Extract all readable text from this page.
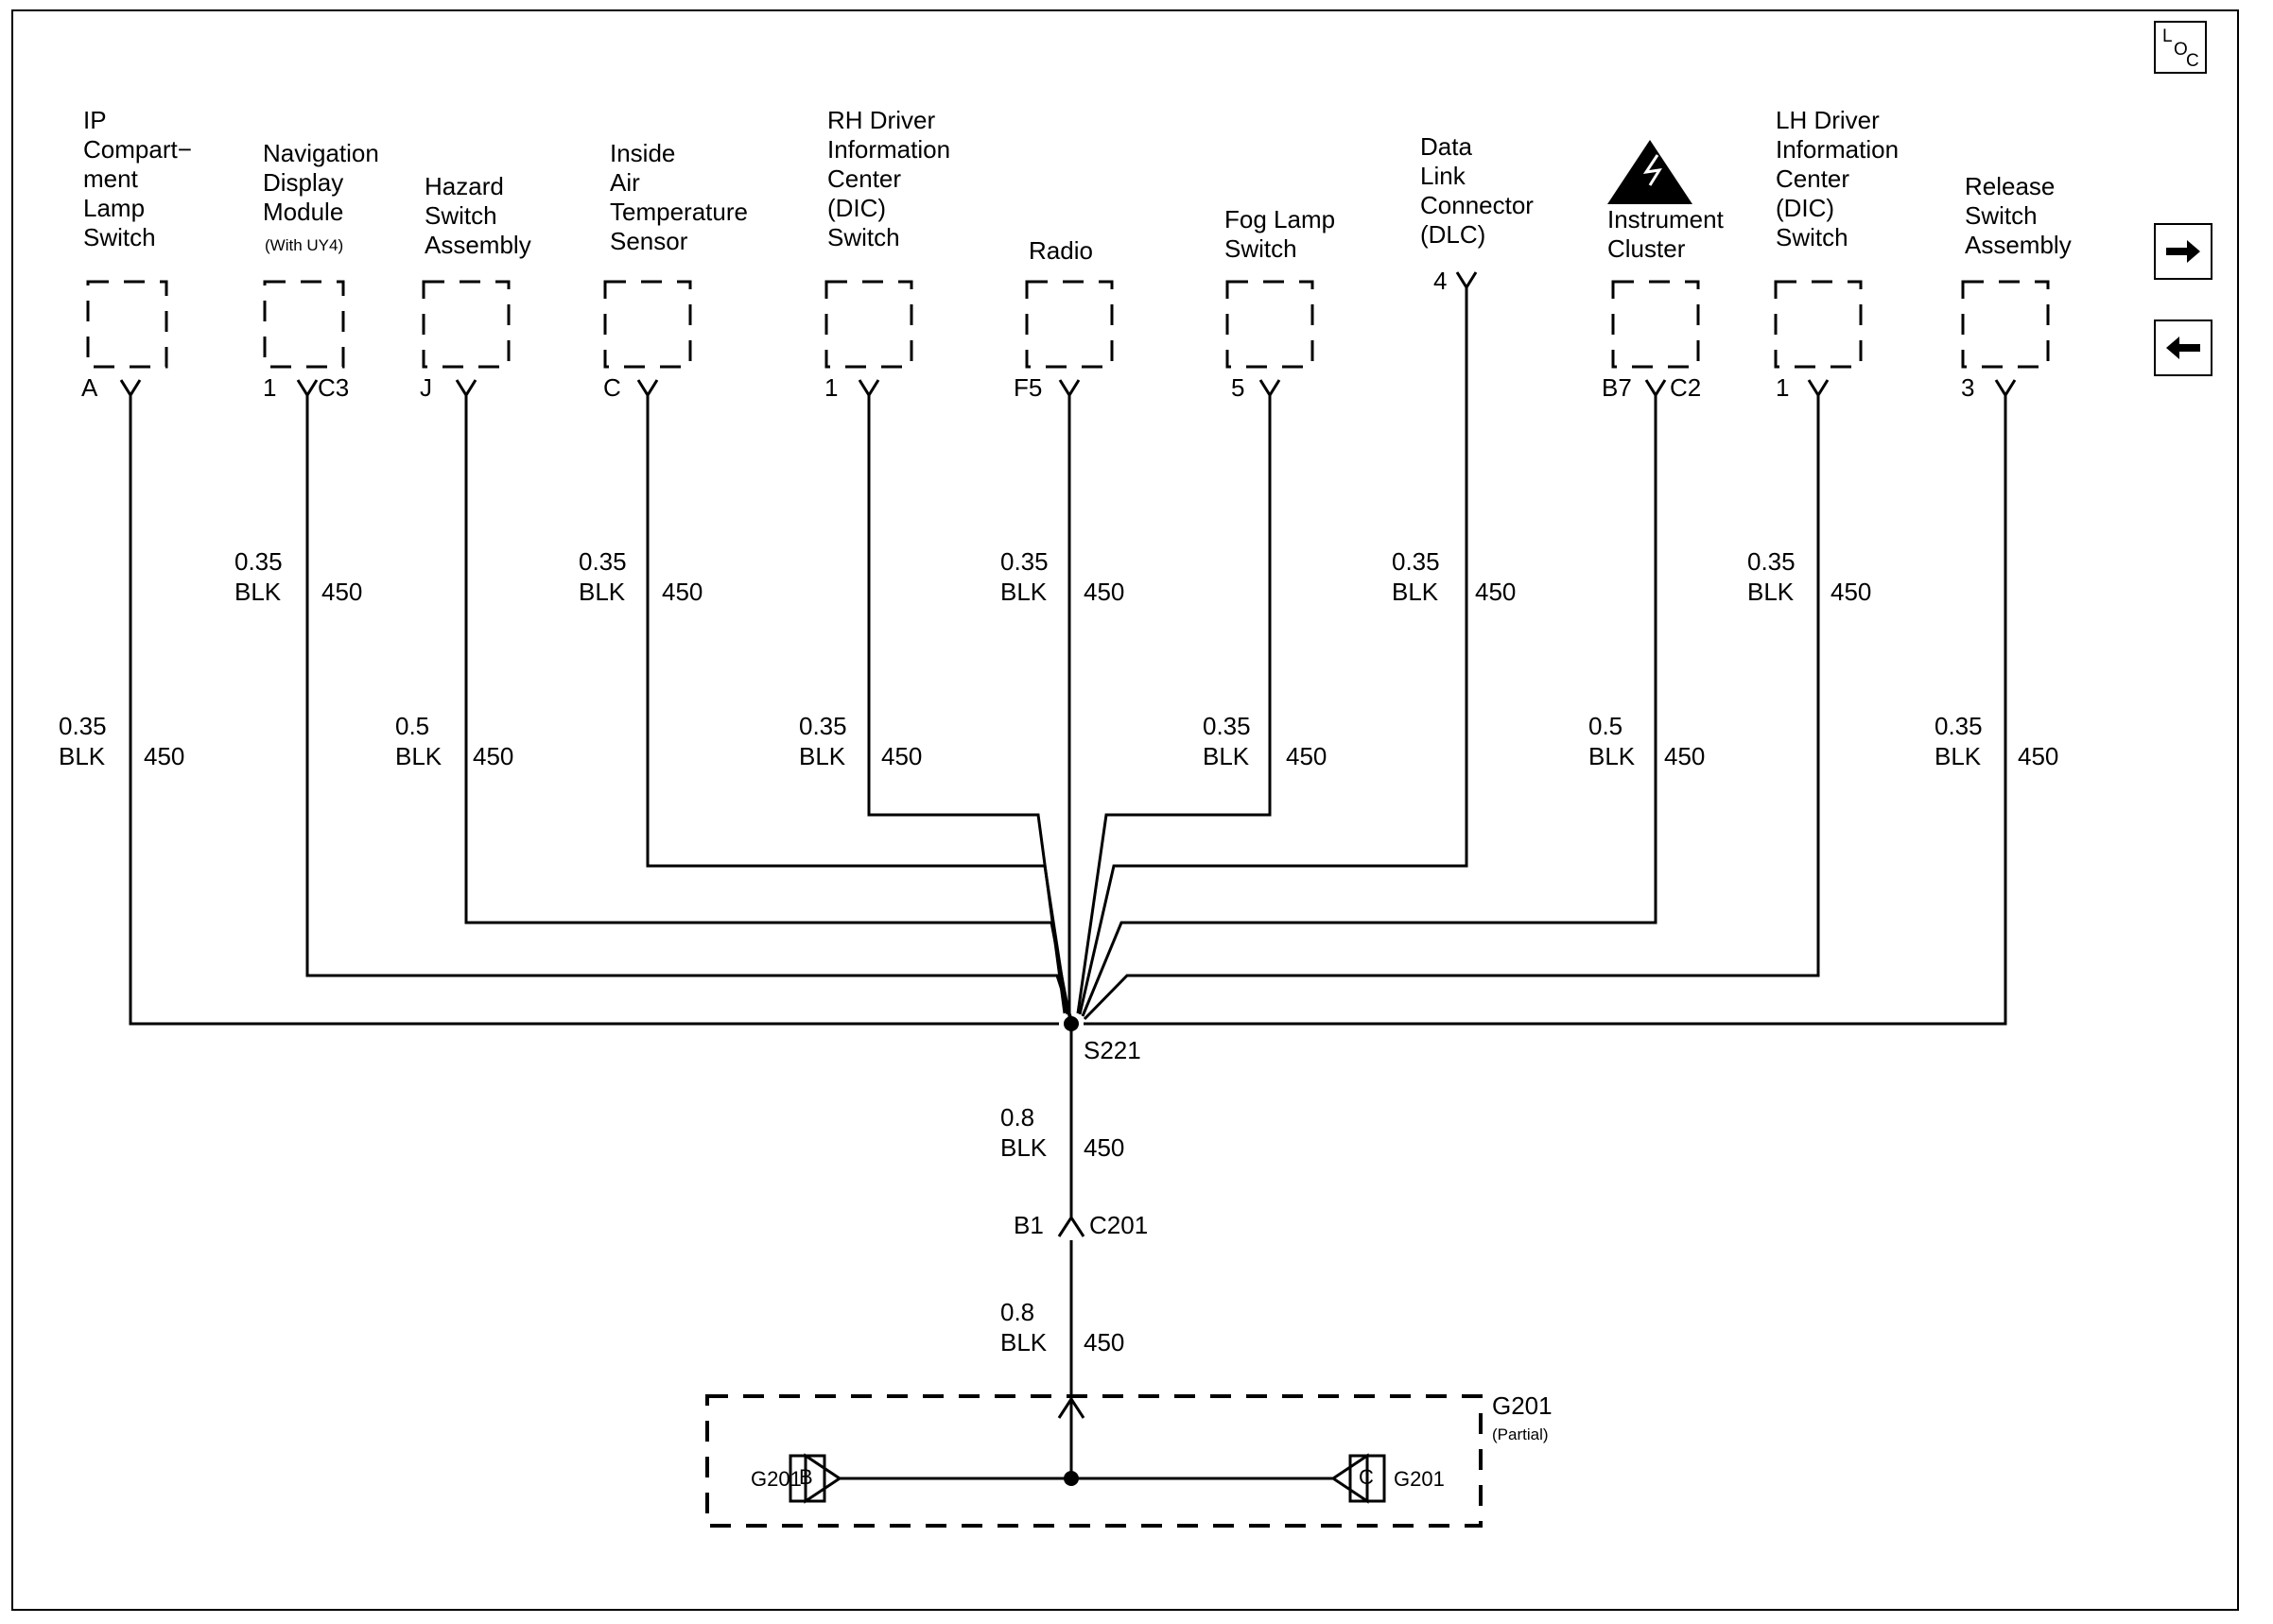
IP
Compart−
ment
Lamp
Switch
Navigation
Display
Module
(With UY4)
Hazard
Switch
Assembly
Inside
Air
Temperature
Sensor
RH Driver
Information
Center
(DIC)
Switch	Radio
Fog Lamp
Switch
Data
Link
Connector
(DLC)
Instrument
Cluster
LH Driver
Information
Center
(DIC)
Switch
Release
Switch
Assembly
A	1 C3	J	C	1	F5	5
4
B7 C2	1	3
0.35
BLK 450
0.35
BLK 450
0.5
BLK 450
0.35
BLK 450
0.35
BLK 450
0.35
BLK 450
0.35
BLK 450
0.35
BLK 450
0.5
BLK 450
0.35
BLK 450
0.35
BLK 450
S221
0.8
BLK 450
B1 C201
0.8
BLK 450
G201
(Partial)
G201
B	C G201
L
O
C
